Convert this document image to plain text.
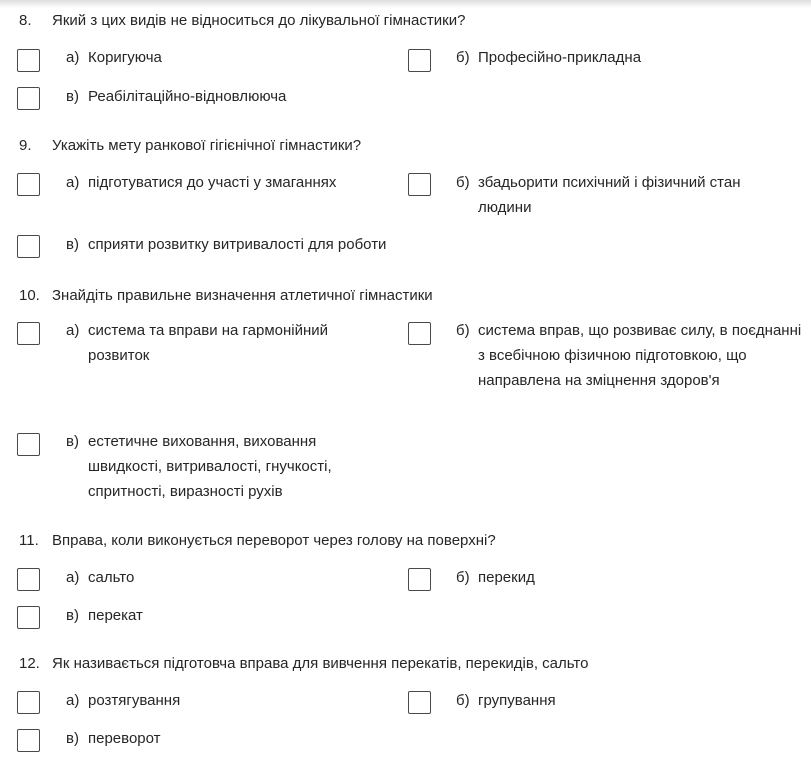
8. Який з цих видів не відноситься до лікувальної гімнастики?
а) Коригуюча	б) Професійно-прикладна
в) Реабілітаційно-відновлююча
9. Укажіть мету ранкової гігієнічної гімнастики?
а) підготуватися до участі у змаганнях	б) збадьорити психічний і фізичний стан людини
в) сприяти розвитку витривалості для роботи
10. Знайдіть правильне визначення атлетичної гімнастики
а) система та вправи на гармонійний розвиток
б) система вправ, що розвиває силу, в поєднанні з всебічною фізичною підготовкою, що направлена на зміцнення здоров'я
в) естетичне виховання, виховання швидкості, витривалості, гнучкості, спритності, виразності рухів
11. Вправа, коли виконується переворот через голову на поверхні?
а) сальто	б) перекид
в) перекат
12. Як називається підготовча вправа для вивчення перекатів, перекидів, сальто
а) розтягування	б) групування
в) переворот
